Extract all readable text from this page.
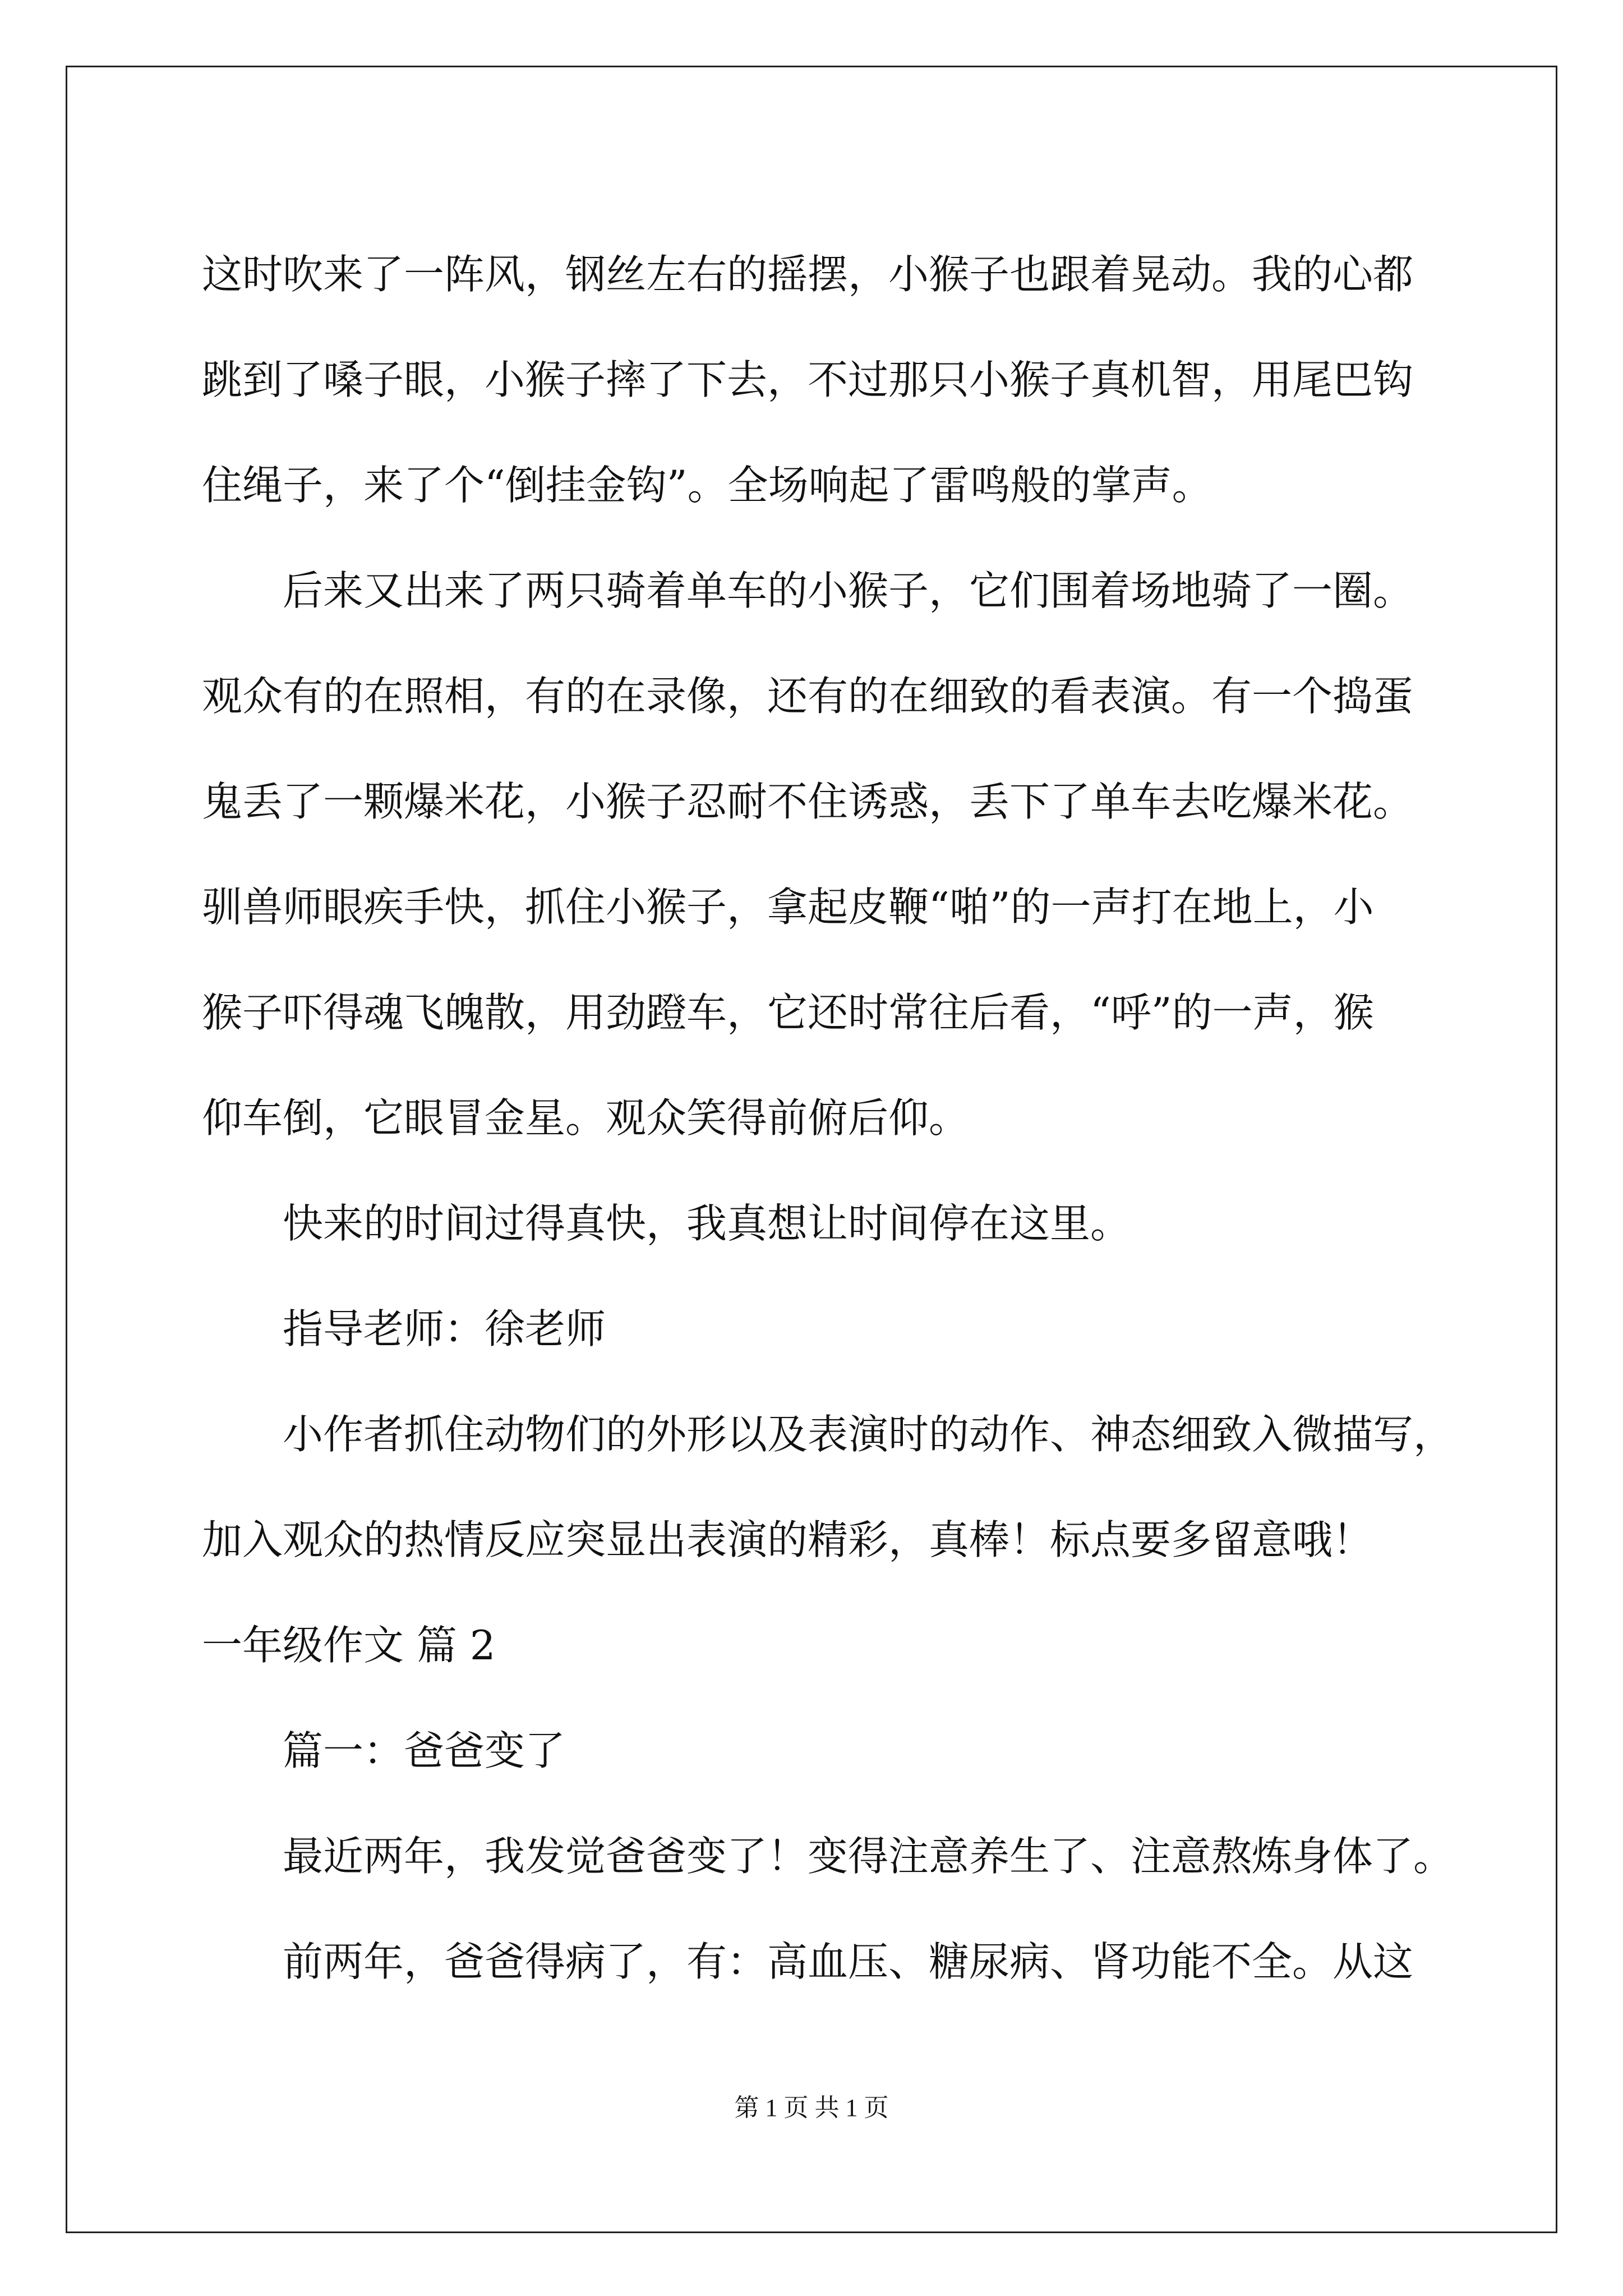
这时吹来了一阵风，钢丝左右的摇摆，小猴子也跟着晃动。我的心都
跳到了嗓子眼，小猴子摔了下去，不过那只小猴子真机智，用尾巴钩
住绳子，来了个“倒挂金钩”。全场响起了雷鸣般的掌声。
后来又出来了两只骑着单车的小猴子，它们围着场地骑了一圈。
观众有的在照相，有的在录像，还有的在细致的看表演。有一个捣蛋
鬼丢了一颗爆米花，小猴子忍耐不住诱惑，丢下了单车去吃爆米花。
驯兽师眼疾手快，抓住小猴子，拿起皮鞭“啪”的一声打在地上，小
猴子吓得魂飞魄散，用劲蹬车，它还时常往后看，“呼”的一声，猴
仰车倒，它眼冒金星。观众笑得前俯后仰。
快来的时间过得真快，我真想让时间停在这里。
指导老师：徐老师
小作者抓住动物们的外形以及表演时的动作、神态细致入微描写，
加入观众的热情反应突显出表演的精彩，真棒！标点要多留意哦！
一年级作文 篇 2
篇一：爸爸变了
最近两年，我发觉爸爸变了！变得注意养生了、注意熬炼身体了。
前两年，爸爸得病了，有：高血压、糖尿病、肾功能不全。从这
第 1 页 共 1 页
